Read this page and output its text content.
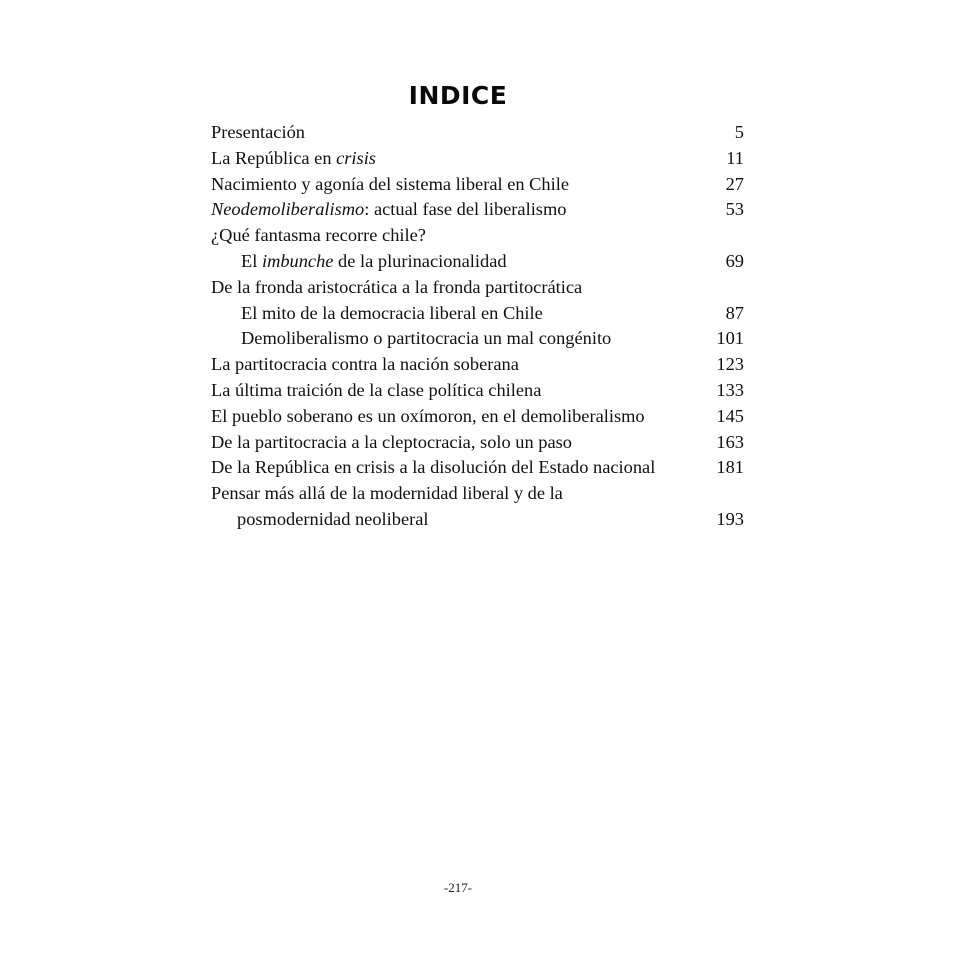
INDICE
Presentación	5
La República en crisis	11
Nacimiento y agonía del sistema liberal en Chile	27
Neodemoliberalismo: actual fase del liberalismo	53
¿Qué fantasma recorre chile?
El imbunche de la plurinacionalidad	69
De la fronda aristocrática a la fronda partitocrática
El mito de la democracia liberal en Chile	87
Demoliberalismo o partitocracia un mal congénito	101
La partitocracia contra la nación soberana	123
La última traición de la clase política chilena	133
El pueblo soberano es un oxímoron, en el demoliberalismo	145
De la partitocracia a la cleptocracia, solo un paso	163
De la República en crisis a la disolución del Estado nacional	181
Pensar más allá de la modernidad liberal y de la
posmodernidad neoliberal	193
-217-
